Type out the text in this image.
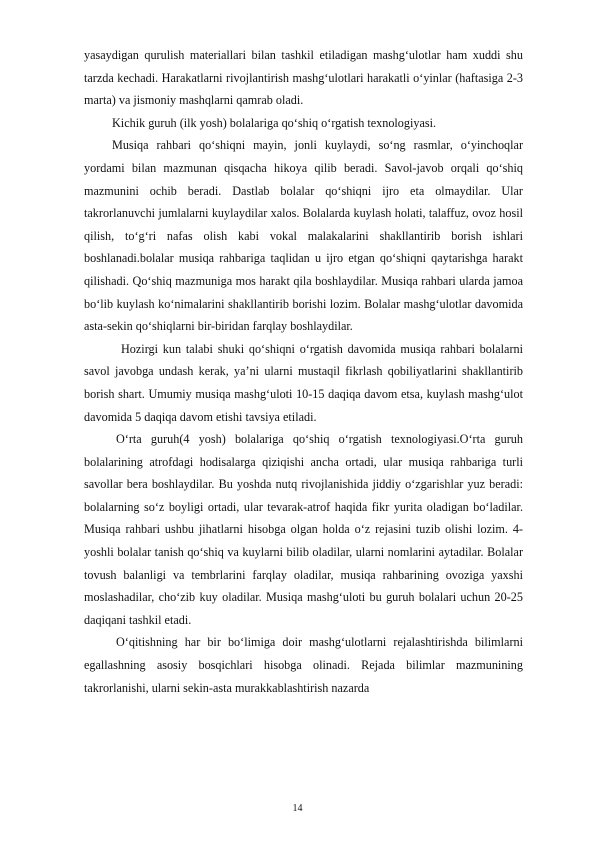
yasaydigan qurulish materiallari bilan tashkil etiladigan mashg‘ulotlar ham xuddi shu tarzda kechadi. Harakatlarni rivojlantirish mashg‘ulotlari harakatli o‘yinlar (haftasiga 2-3 marta) va jismoniy mashqlarni qamrab oladi.

Kichik guruh (ilk yosh) bolalariga qo‘shiq o‘rgatish texnologiyasi.

Musiqa rahbari qo‘shiqni mayin, jonli kuylaydi, so‘ng rasmlar, o‘yinchoqlar yordami bilan mazmunan qisqacha hikoya qilib beradi. Savol-javob orqali qo‘shiq mazmunini ochib beradi. Dastlab bolalar qo‘shiqni ijro eta olmaydilar. Ular takrorlanuvchi jumlalarni kuylaydilar xalos. Bolalarda kuylash holati, talaffuz, ovoz hosil qilish, to‘g‘ri nafas olish kabi vokal malakalarini shakllantirib borish ishlari boshlanadi.bolalar musiqa rahbariga taqlidan u ijro etgan qo‘shiqni qaytarishga harakt qilishadi. Qo‘shiq mazmuniga mos harakt qila boshlaydilar. Musiqa rahbari ularda jamoa bo‘lib kuylash ko‘nimalarini shakllantirib borishi lozim. Bolalar mashg‘ulotlar davomida asta-sekin qo‘shiqlarni bir-biridan farqlay boshlaydilar.

Hozirgi kun talabi shuki qo‘shiqni o‘rgatish davomida musiqa rahbari bolalarni savol javobga undash kerak, ya’ni ularni mustaqil fikrlash qobiliyatlarini shakllantirib borish shart. Umumiy musiqa mashg‘uloti 10-15 daqiqa davom etsa, kuylash mashg‘ulot davomida 5 daqiqa davom etishi tavsiya etiladi.

O‘rta guruh(4 yosh) bolalariga qo‘shiq o‘rgatish texnologiyasi.O‘rta guruh bolalarining atrofdagi hodisalarga qiziqishi ancha ortadi, ular musiqa rahbariga turli savollar bera boshlaydilar. Bu yoshda nutq rivojlanishida jiddiy o‘zgarishlar yuz beradi: bolalarning so‘z boyligi ortadi, ular tevarak-atrof haqida fikr yurita oladigan bo‘ladilar. Musiqa rahbari ushbu jihatlarni hisobga olgan holda o‘z rejasini tuzib olishi lozim. 4-yoshli bolalar tanish qo‘shiq va kuylarni bilib oladilar, ularni nomlarini aytadilar. Bolalar tovush balanligi va tembrlarini farqlay oladilar, musiqa rahbarining ovoziga yaxshi moslashadilar, cho‘zib kuy oladilar. Musiqa mashg‘uloti bu guruh bolalari uchun 20-25 daqiqani tashkil etadi.

O‘qitishning har bir bo‘limiga doir mashg‘ulotlarni rejalashtirishda bilimlarni egallashning asosiy bosqichlari hisobga olinadi. Rejada bilimlar mazmunining takrorlanishi, ularni sekin-asta murakkablashtirish nazarda

14
